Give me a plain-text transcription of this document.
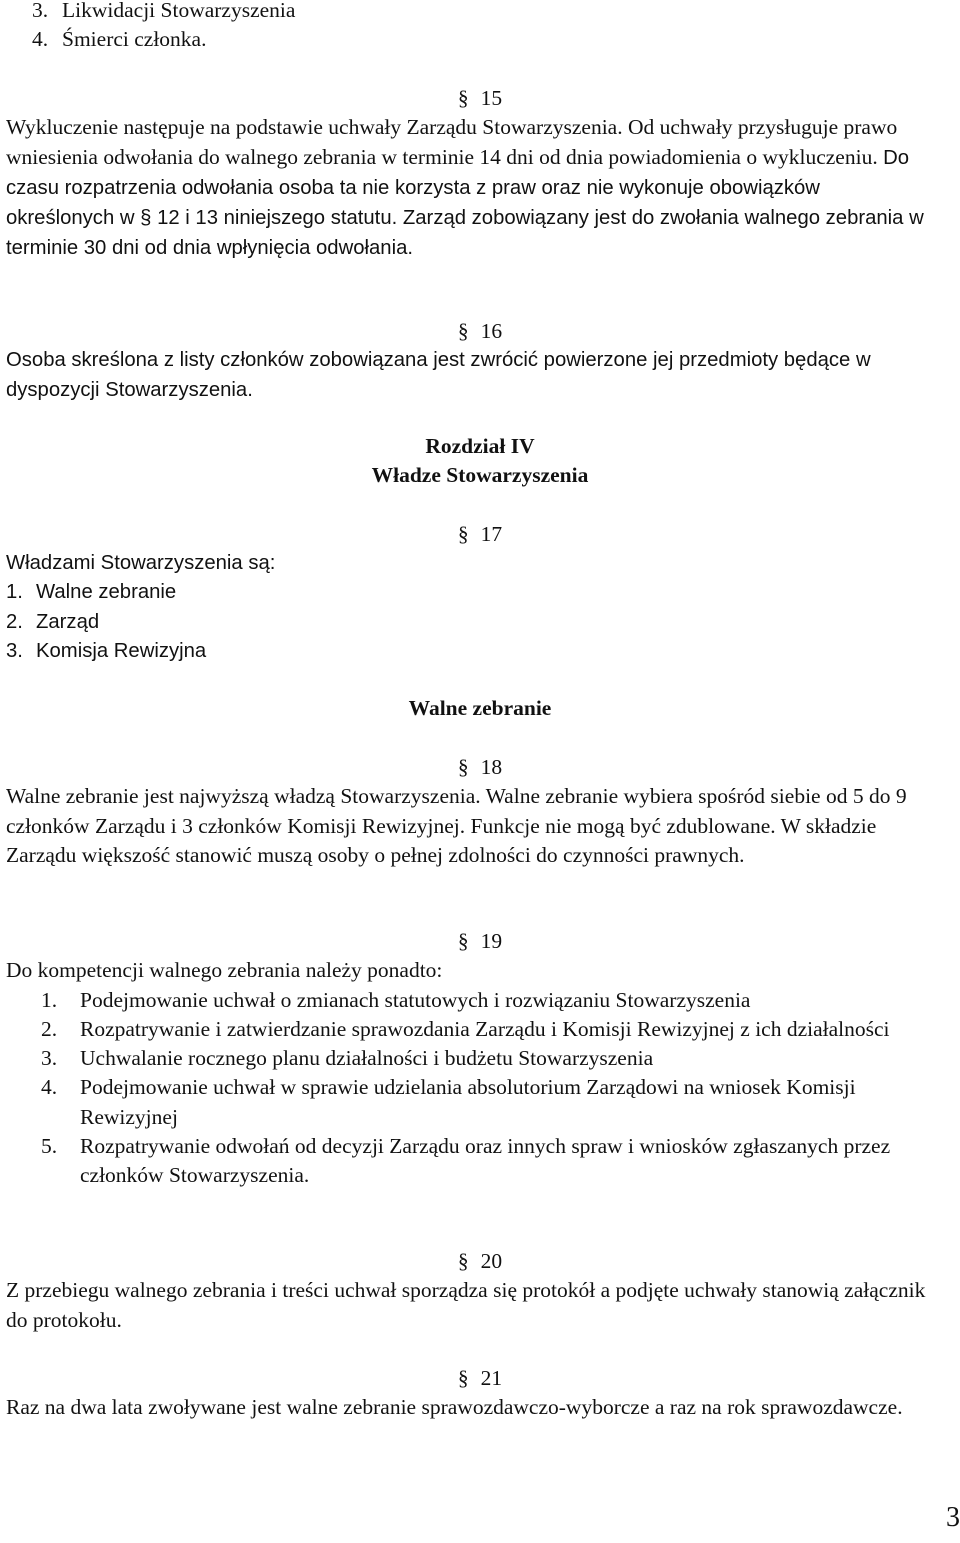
3. Likwidacji Stowarzyszenia
4. Śmierci członka.

§ 15

Wykluczenie następuje na podstawie uchwały Zarządu Stowarzyszenia. Od uchwały przysługuje prawo wniesienia odwołania do walnego zebrania w terminie 14 dni od dnia powiadomienia o wykluczeniu. Do czasu rozpatrzenia odwołania osoba ta nie korzysta z praw oraz nie wykonuje obowiązków określonych w § 12 i 13 niniejszego statutu. Zarząd zobowiązany jest do zwołania walnego zebrania w terminie 30 dni od dnia wpłynięcia odwołania.

§ 16

Osoba skreślona z listy członków zobowiązana jest zwrócić powierzone jej przedmioty będące w dyspozycji Stowarzyszenia.

Rozdział IV

Władze Stowarzyszenia

§ 17

Władzami Stowarzyszenia są:

1. Walne zebranie
2. Zarząd
3. Komisja Rewizyjna

Walne zebranie

§ 18

Walne zebranie jest najwyższą władzą Stowarzyszenia. Walne zebranie wybiera spośród siebie od 5 do 9 członków Zarządu i 3 członków Komisji Rewizyjnej. Funkcje nie mogą być zdublowane. W składzie Zarządu większość stanowić muszą osoby o pełnej zdolności do czynności prawnych.

§ 19

Do kompetencji walnego zebrania należy ponadto:

1.	Podejmowanie uchwał o zmianach statutowych i rozwiązaniu Stowarzyszenia
2.	Rozpatrywanie i zatwierdzanie sprawozdania Zarządu i Komisji Rewizyjnej z ich działalności
3.	Uchwalanie rocznego planu działalności i budżetu Stowarzyszenia
4.	Podejmowanie uchwał w sprawie udzielania absolutorium Zarządowi na wniosek Komisji Rewizyjnej
5.	Rozpatrywanie odwołań od decyzji Zarządu oraz innych spraw i wniosków zgłaszanych przez członków Stowarzyszenia.

§ 20

Z przebiegu walnego zebrania i treści uchwał sporządza się protokół a podjęte uchwały stanowią załącznik do protokołu.

§ 21

Raz na dwa lata zwoływane jest walne zebranie sprawozdawczo-wyborcze a raz na rok sprawozdawcze.

3
